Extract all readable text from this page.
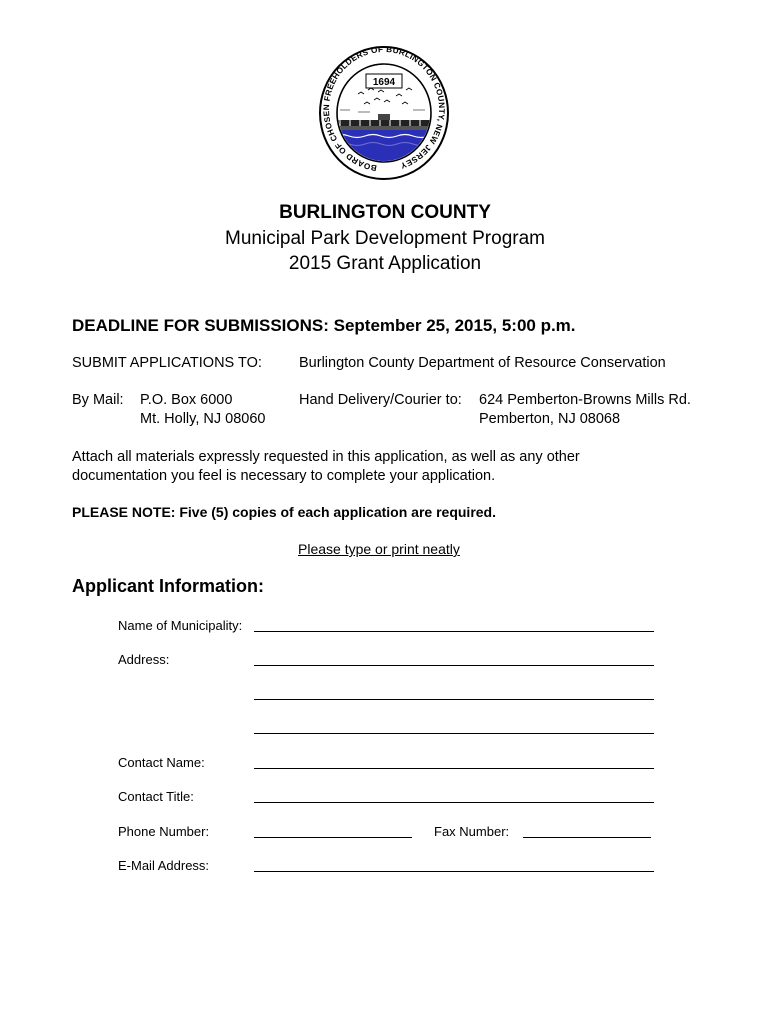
BOARD OF CHOSEN FREEHOLDERS OF BURLINGTON COUNTY, NEW JERSEY
1694
BURLINGTON COUNTY
Municipal Park Development Program
2015 Grant Application
DEADLINE FOR SUBMISSIONS: September 25, 2015, 5:00 p.m.
SUBMIT APPLICATIONS TO:	Burlington County Department of Resource Conservation
By Mail: P.O. Box 6000
Mt. Holly, NJ 08060
Hand Delivery/Courier to: 624 Pemberton-Browns Mills Rd.
Pemberton, NJ 08068
Attach all materials expressly requested in this application, as well as any other
documentation you feel is necessary to complete your application.
PLEASE NOTE: Five (5) copies of each application are required.
Please type or print neatly
Applicant Information:
Name of Municipality:
Address:
Contact Name:
Contact Title:
Phone Number:	Fax Number:
E-Mail Address:
